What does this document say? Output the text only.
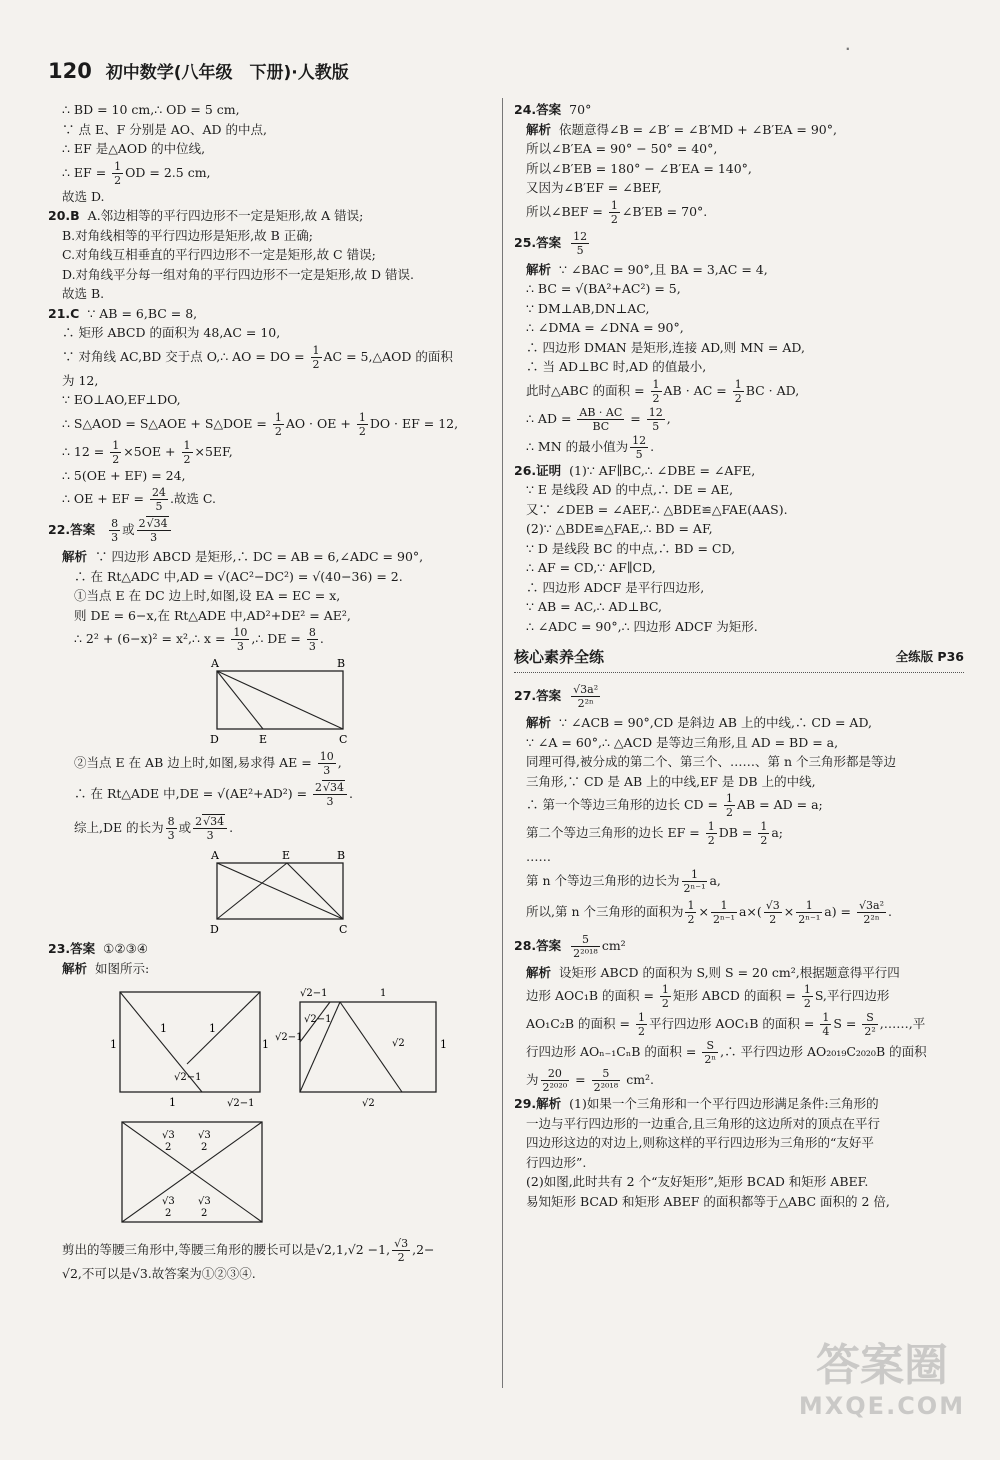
120 初中数学(八年级　下册)·人教版
·
∴ BD = 10 cm,∴ OD = 5 cm,
∵ 点 E、F 分别是 AO、AD 的中点,
∴ EF 是△AOD 的中位线,
∴ EF = $\frac{1}{2}$ OD = 2.5 cm,
故选 D.
20.B A.邻边相等的平行四边形不一定是矩形,故 A 错误;
B.对角线相等的平行四边形是矩形,故 B 正确;
C.对角线互相垂直的平行四边形不一定是矩形,故 C 错误;
D.对角线平分每一组对角的平行四边形不一定是矩形,故 D 错误.
故选 B.
21.C ∵ AB = 6,BC = 8,
∴ 矩形 ABCD 的面积为 48,AC = 10,
∵ 对角线 AC,BD 交于点 O,∴ AO = DO = $\frac{1}{2}$ AC = 5,△AOD 的面积
为 12,
∵ EO⊥AO,EF⊥DO,
∴ S△AOD = S△AOE + S△DOE = $\frac{1}{2}$ AO · OE + $\frac{1}{2}$ DO · EF = 12,
∴ $12 = \frac{1}{2} \times 5OE + \frac{1}{2} \times 5EF$,
∴ 5(OE + EF) = 24,
∴ OE + EF = $\frac{24}{5}$ .故选 C.
22.答案 $\frac{8}{3}$ 或 $\frac{2√34}{3}$
解析 ∵ 四边形 ABCD 是矩形,∴ DC = AB = 6,∠ADC = 90°,
∴ 在 Rt△ADC 中,AD = √(AC²−DC²) = √(40−36) = 2.
①当点 E 在 DC 边上时,如图,设 EA = EC = x,
则 DE = 6−x,在 Rt△ADE 中,AD²+DE² = AE²,
∴ 2² + (6−x)² = x²,∴ $x = \frac{10}{3}$ ,∴ DE = $\frac{8}{3}$ .
A	B
D	E	C
②当点 E 在 AB 边上时,如图,易求得 AE = $\frac{10}{3}$ ,
∴ 在 Rt△ADE 中$,DE = √(AE^2+AD^2) = \frac{2√34}{3}$ .
综上,DE 的长为 $\frac{8}{3}$ 或 $\frac{2√34}{3}$ .
A	E	B
D	C
23.答案 ①②③④
解析 如图所示:
1
1	1
1
√2−1
1	√2−1
√2−1
√2−1
√2−1
√2
√2
1
1
√3
2
√3
2
√3
2
√3
2
剪出的等腰三角形中,等腰三角形的腰长可以是√2,1,√2 −1, $\frac{√3}{2} ,2-$
√2,不可以是√3.故答案为①②③④.
24.答案 70°
解析 依题意得∠B = ∠B′ = ∠B′MD + ∠B′EA = 90°,
所以∠B′EA = 90° − 50° = 40°,
所以∠B′EB = 180° − ∠B′EA = 140°,
又因为∠B′EF = ∠BEF,
所以∠BEF = $\frac{1}{2}$ ∠B′EB = 70°.
25.答案 $\frac{12}{5}$
解析 ∵ ∠BAC = 90°,且 BA = 3,AC = 4,
∴ BC = √(BA²+AC²) = 5,
∵ DM⊥AB,DN⊥AC,
∴ ∠DMA = ∠DNA = 90°,
∴ 四边形 DMAN 是矩形,连接 AD,则 MN = AD,
∴ 当 AD⊥BC 时,AD 的值最小,
此时△ABC 的面积 = $\frac{1}{2}$ AB · AC = $\frac{1}{2}$ BC · AD,
∴ AD = $\frac{AB \cdot AC}{BC} = \frac{12}{5}$ ,
∴ MN 的最小值为 $\frac{12}{5}$ .
26.证明 (1)∵ AF∥BC,∴ ∠DBE = ∠AFE,
∵ E 是线段 AD 的中点,∴ DE = AE,
又∵ ∠DEB = ∠AEF,∴ △BDE≌△FAE(AAS).
(2)∵ △BDE≌△FAE,∴ BD = AF,
∵ D 是线段 BC 的中点,∴ BD = CD,
∴ AF = CD,∵ AF∥CD,
∴ 四边形 ADCF 是平行四边形,
∵ AB = AC,∴ AD⊥BC,
∴ ∠ADC = 90°,∴ 四边形 ADCF 为矩形.
核心素养全练	全练版 P36
27.答案 $\frac{\text{√3a²}}{\text{2²ⁿ}}$
解析 ∵ ∠ACB = 90°,CD 是斜边 AB 上的中线,∴ CD = AD,
∵ ∠A = 60°,∴ △ACD 是等边三角形,且 AD = BD = a,
同理可得,被分成的第二个、第三个、……、第 n 个三角形都是等边
三角形,∵ CD 是 AB 上的中线,EF 是 DB 上的中线,
∴ 第一个等边三角形的边长 CD = $\frac{1}{2}$ AB = AD = a;
第二个等边三角形的边长 EF = $\frac{1}{2}$ DB = $\frac{1}{2} a$;
……
第 n 个等边三角形的边长为 $\frac{1}{\text{2ⁿ⁻¹}} a$,
所以,第 n 个三角形的面积为 $\frac{1}{2} \times \frac{1}{\text{2ⁿ⁻¹}} a\times( \frac{√3}{2} \times \frac{1}{\text{2ⁿ⁻¹}} a) = \frac{\text{√3a²}}{\text{2²ⁿ}}$ .
28.答案 $\frac{5}{\text{2²⁰¹⁸}} cm^2$
解析 设矩形 ABCD 的面积为 S,则 S = 20 cm²,根据题意得平行四
边形 AOC₁B 的面积 = $\frac{1}{2}$ 矩形 ABCD 的面积 = $\frac{1}{2} S$,平行四边形
AO₁C₂B 的面积 = $\frac{1}{2}$ 平行四边形 AOC₁B 的面积 = $\frac{1}{4}$ $S = \frac{S}{\text{2²}}$ ,……,平
行四边形 AOₙ₋₁CₙB 的面积 = $\frac{S}{\text{2ⁿ}}$ ,∴ 平行四边形 AO₂₀₁₉C₂₀₂₀B 的面积
为 $\frac{20}{\text{2²⁰²⁰}} = \frac{5}{\text{2²⁰¹⁸}} cm^2$.
29.解析 (1)如果一个三角形和一个平行四边形满足条件:三角形的
一边与平行四边形的一边重合,且三角形的这边所对的顶点在平行
四边形这边的对边上,则称这样的平行四边形为三角形的“友好平
行四边形”.
(2)如图,此时共有 2 个“友好矩形”,矩形 BCAD 和矩形 ABEF.
易知矩形 BCAD 和矩形 ABEF 的面积都等于△ABC 面积的 2 倍,
答案圈
MXQE.COM
